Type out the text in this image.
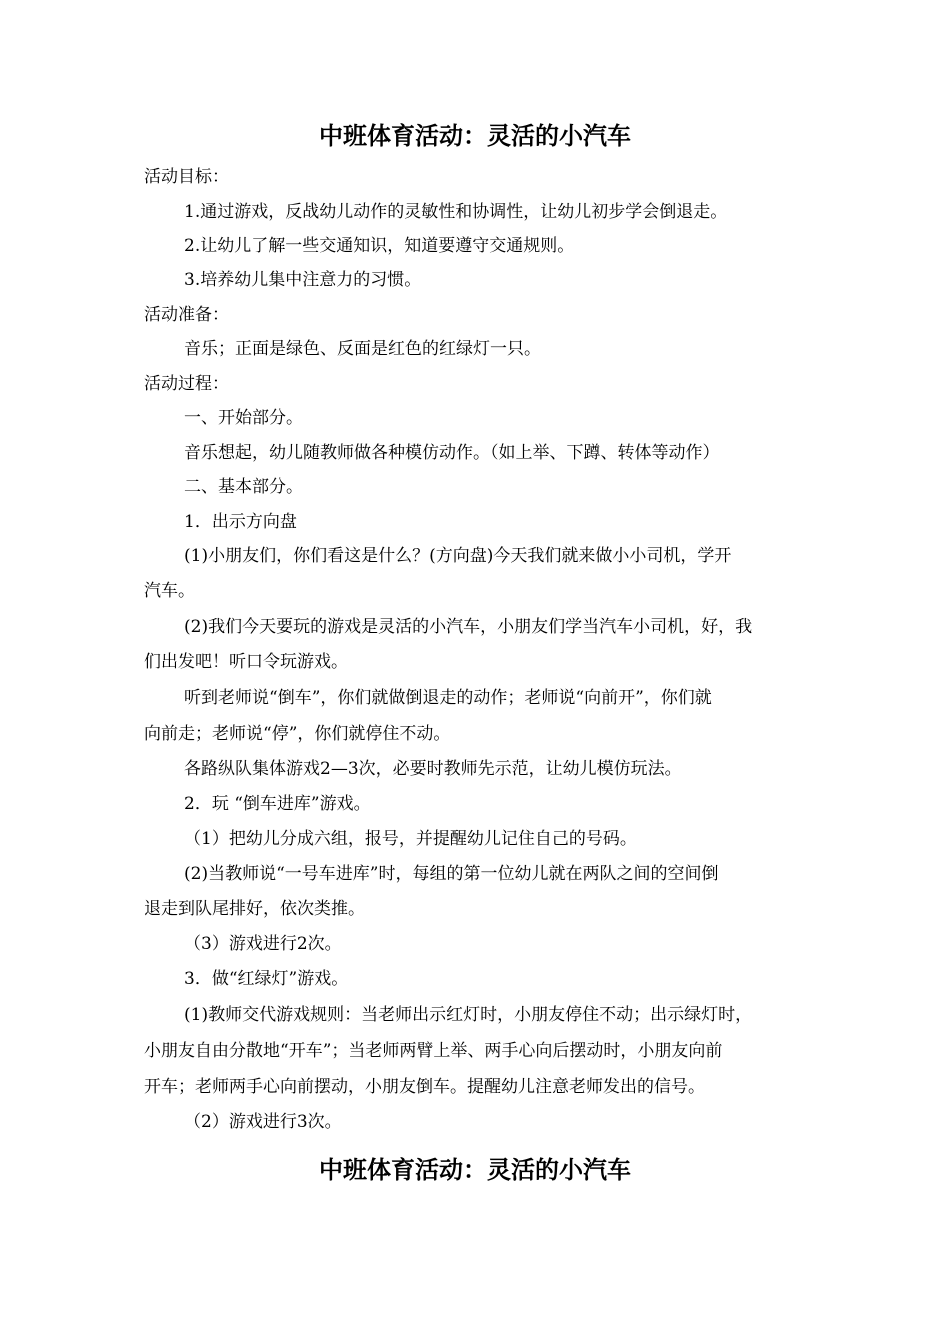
中班体育活动：灵活的小汽车
活动目标：
1.通过游戏，反战幼儿动作的灵敏性和协调性，让幼儿初步学会倒退走。
2.让幼儿了解一些交通知识，知道要遵守交通规则。
3.培养幼儿集中注意力的习惯。
活动准备：
音乐；正面是绿色、反面是红色的红绿灯一只。
活动过程：
一、开始部分。
音乐想起，幼儿随教师做各种模仿动作。（如上举、下蹲、转体等动作）
二、基本部分。
1．出示方向盘
(1)小朋友们，你们看这是什么？(方向盘)今天我们就来做小小司机，学开
汽车。
(2)我们今天要玩的游戏是灵活的小汽车，小朋友们学当汽车小司机，好，我
们出发吧！听口令玩游戏。
听到老师说“倒车”，你们就做倒退走的动作；老师说“向前开”，你们就
向前走；老师说“停”，你们就停住不动。
各路纵队集体游戏2—3次，必要时教师先示范，让幼儿模仿玩法。
2．玩 “倒车进库”游戏。
（1）把幼儿分成六组，报号，并提醒幼儿记住自己的号码。
(2)当教师说“一号车进库”时，每组的第一位幼儿就在两队之间的空间倒
退走到队尾排好，依次类推。
（3）游戏进行2次。
3．做“红绿灯”游戏。
(1)教师交代游戏规则：当老师出示红灯时，小朋友停住不动；出示绿灯时，
小朋友自由分散地“开车”；当老师两臂上举、两手心向后摆动时，小朋友向前
开车；老师两手心向前摆动，小朋友倒车。提醒幼儿注意老师发出的信号。
（2）游戏进行3次。
中班体育活动：灵活的小汽车
